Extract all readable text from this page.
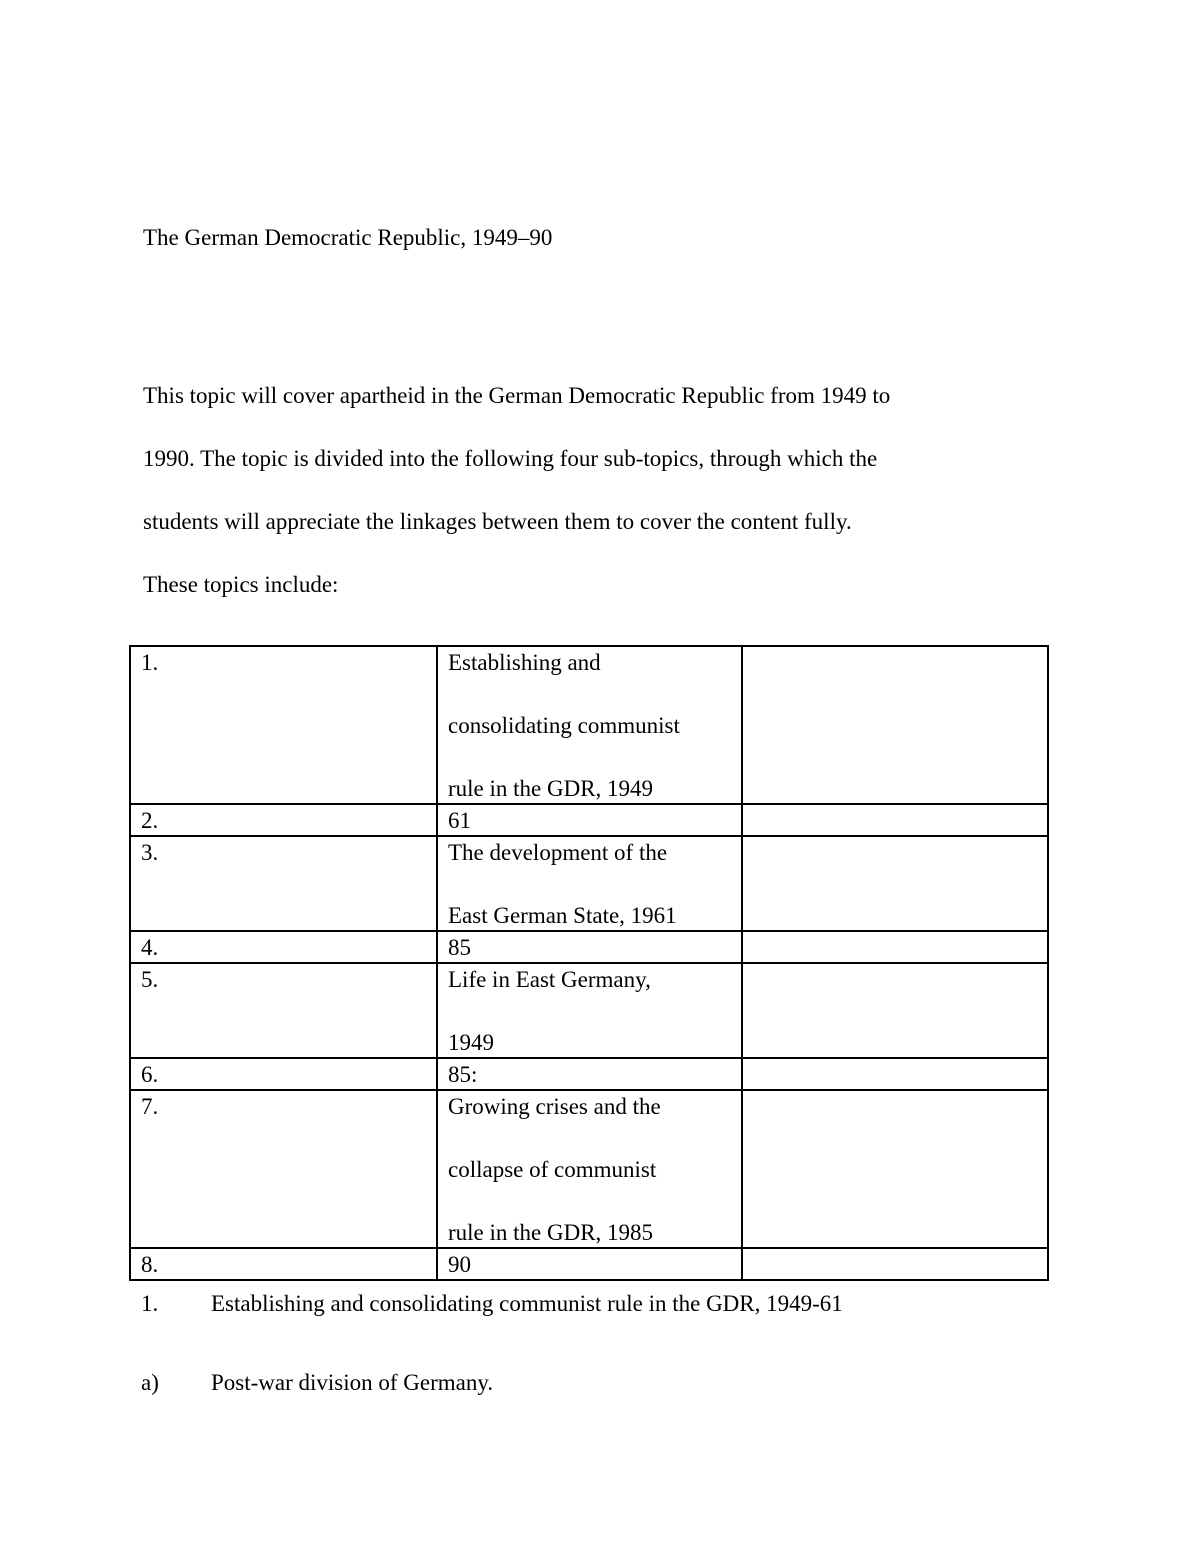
The German Democratic Republic, 1949–90
This topic will cover apartheid in the German Democratic Republic from 1949 to
1990. The topic is divided into the following four sub-topics, through which the
students will appreciate the linkages between them to cover the content fully.
These topics include:
1.	Establishing and
consolidating communist
rule in the GDR, 1949	

2.	61	
3.	The development of the
East German State, 1961	

4.	85	
5.	Life in East Germany,
1949	

6.	85:	
7.	Growing crises and the
collapse of communist
rule in the GDR, 1985	

8.	90	
1. Establishing and consolidating communist rule in the GDR, 1949-61
a) Post-war division of Germany.
